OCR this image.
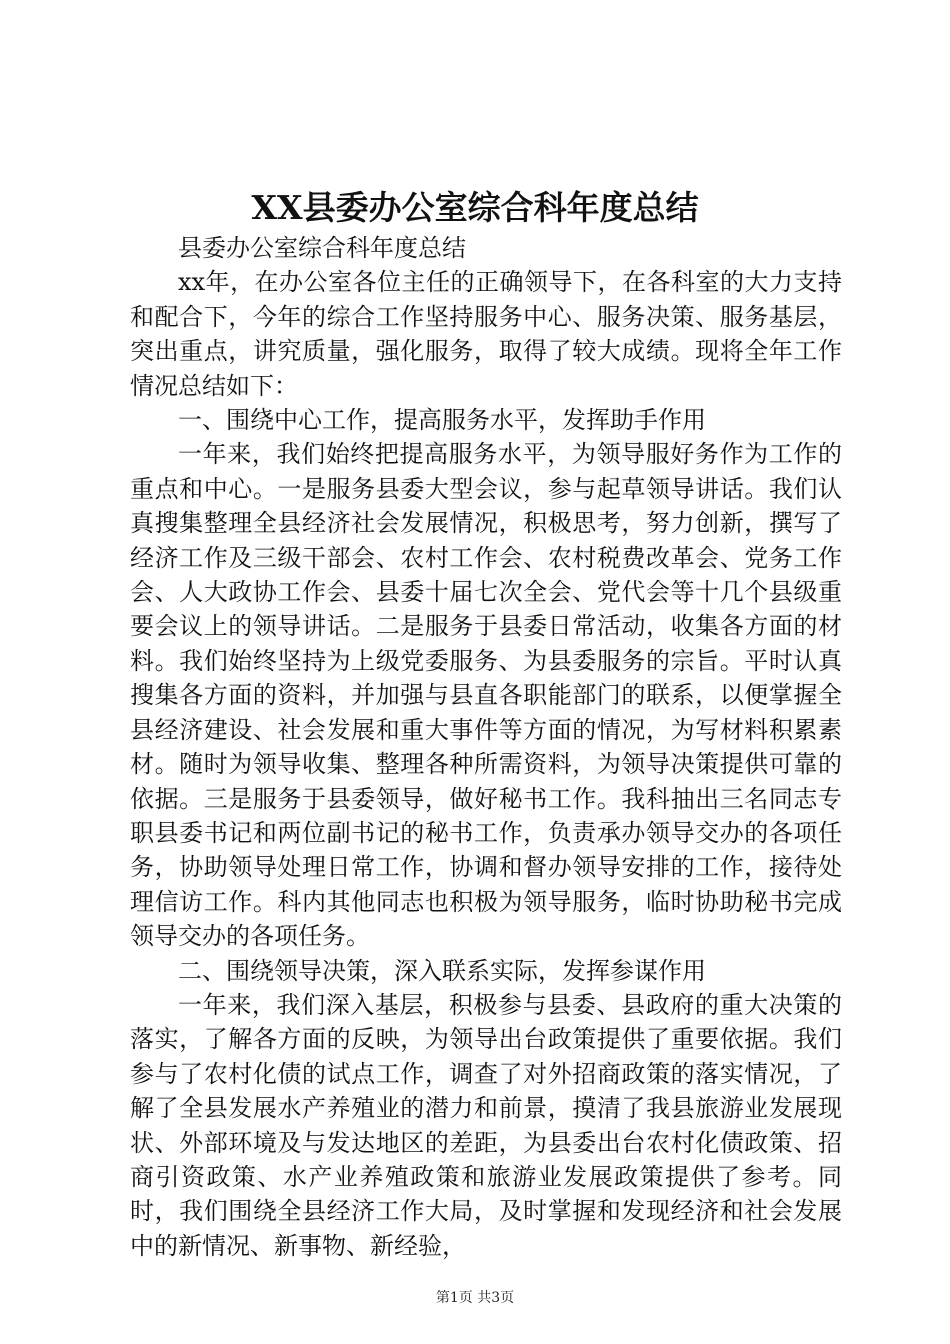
XX县委办公室综合科年度总结

县委办公室综合科年度总结

xx年，在办公室各位主任的正确领导下，在各科室的大力支持和配合下，今年的综合工作坚持服务中心、服务决策、服务基层，突出重点，讲究质量，强化服务，取得了较大成绩。现将全年工作情况总结如下：

一、围绕中心工作，提高服务水平，发挥助手作用

一年来，我们始终把提高服务水平，为领导服好务作为工作的重点和中心。一是服务县委大型会议，参与起草领导讲话。我们认真搜集整理全县经济社会发展情况，积极思考，努力创新，撰写了经济工作及三级干部会、农村工作会、农村税费改革会、党务工作会、人大政协工作会、县委十届七次全会、党代会等十几个县级重要会议上的领导讲话。二是服务于县委日常活动，收集各方面的材料。我们始终坚持为上级党委服务、为县委服务的宗旨。平时认真搜集各方面的资料，并加强与县直各职能部门的联系，以便掌握全县经济建设、社会发展和重大事件等方面的情况，为写材料积累素材。随时为领导收集、整理各种所需资料，为领导决策提供可靠的依据。三是服务于县委领导，做好秘书工作。我科抽出三名同志专职县委书记和两位副书记的秘书工作，负责承办领导交办的各项任务，协助领导处理日常工作，协调和督办领导安排的工作，接待处理信访工作。科内其他同志也积极为领导服务，临时协助秘书完成领导交办的各项任务。

二、围绕领导决策，深入联系实际，发挥参谋作用

一年来，我们深入基层，积极参与县委、县政府的重大决策的落实，了解各方面的反映，为领导出台政策提供了重要依据。我们参与了农村化债的试点工作，调查了对外招商政策的落实情况，了解了全县发展水产养殖业的潜力和前景，摸清了我县旅游业发展现状、外部环境及与发达地区的差距，为县委出台农村化债政策、招商引资政策、水产业养殖政策和旅游业发展政策提供了参考。同时，我们围绕全县经济工作大局，及时掌握和发现经济和社会发展中的新情况、新事物、新经验，

第1页 共3页
